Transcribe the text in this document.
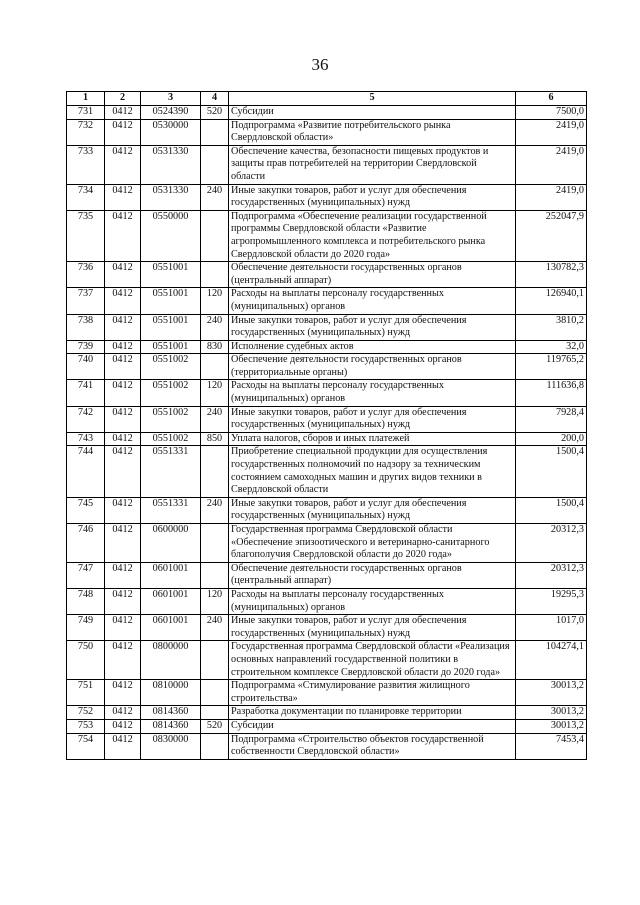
36
1	2	3	4	5	6
731	0412	0524390	520	Субсидии	7500,0
732	0412	0530000		Подпрограмма «Развитие потребительского рынка Свердловской области»	2419,0
733	0412	0531330		Обеспечение качества, безопасности пищевых продуктов и защиты прав потребителей на территории Свердловской области	2419,0
734	0412	0531330	240	Иные закупки товаров, работ и услуг для обеспечения государственных (муниципальных) нужд	2419,0
735	0412	0550000		Подпрограмма «Обеспечение реализации государственной программы Свердловской области «Развитие агропромышленного комплекса и потребительского рынка Свердловской области до 2020 года»	252047,9
736	0412	0551001		Обеспечение деятельности государственных органов (центральный аппарат)	130782,3
737	0412	0551001	120	Расходы на выплаты персоналу государственных (муниципальных) органов	126940,1
738	0412	0551001	240	Иные закупки товаров, работ и услуг для обеспечения государственных (муниципальных) нужд	3810,2
739	0412	0551001	830	Исполнение судебных актов	32,0
740	0412	0551002		Обеспечение деятельности государственных органов (территориальные органы)	119765,2
741	0412	0551002	120	Расходы на выплаты персоналу государственных (муниципальных) органов	111636,8
742	0412	0551002	240	Иные закупки товаров, работ и услуг для обеспечения государственных (муниципальных) нужд	7928,4
743	0412	0551002	850	Уплата налогов, сборов и иных платежей	200,0
744	0412	0551331		Приобретение специальной продукции для осуществления государственных полномочий по надзору за техническим состоянием самоходных машин и других видов техники в Свердловской области	1500,4
745	0412	0551331	240	Иные закупки товаров, работ и услуг для обеспечения государственных (муниципальных) нужд	1500,4
746	0412	0600000		Государственная программа Свердловской области «Обеспечение эпизоотического и ветеринарно-санитарного благополучия Свердловской области до 2020 года»	20312,3
747	0412	0601001		Обеспечение деятельности государственных органов (центральный аппарат)	20312,3
748	0412	0601001	120	Расходы на выплаты персоналу государственных (муниципальных) органов	19295,3
749	0412	0601001	240	Иные закупки товаров, работ и услуг для обеспечения государственных (муниципальных) нужд	1017,0
750	0412	0800000		Государственная программа Свердловской области «Реализация основных направлений государственной политики в строительном комплексе Свердловской области до 2020 года»	104274,1
751	0412	0810000		Подпрограмма «Стимулирование развития жилищного строительства»	30013,2
752	0412	0814360		Разработка документации по планировке территории	30013,2
753	0412	0814360	520	Субсидии	30013,2
754	0412	0830000		Подпрограмма «Строительство объектов государственной собственности Свердловской области»	7453,4
